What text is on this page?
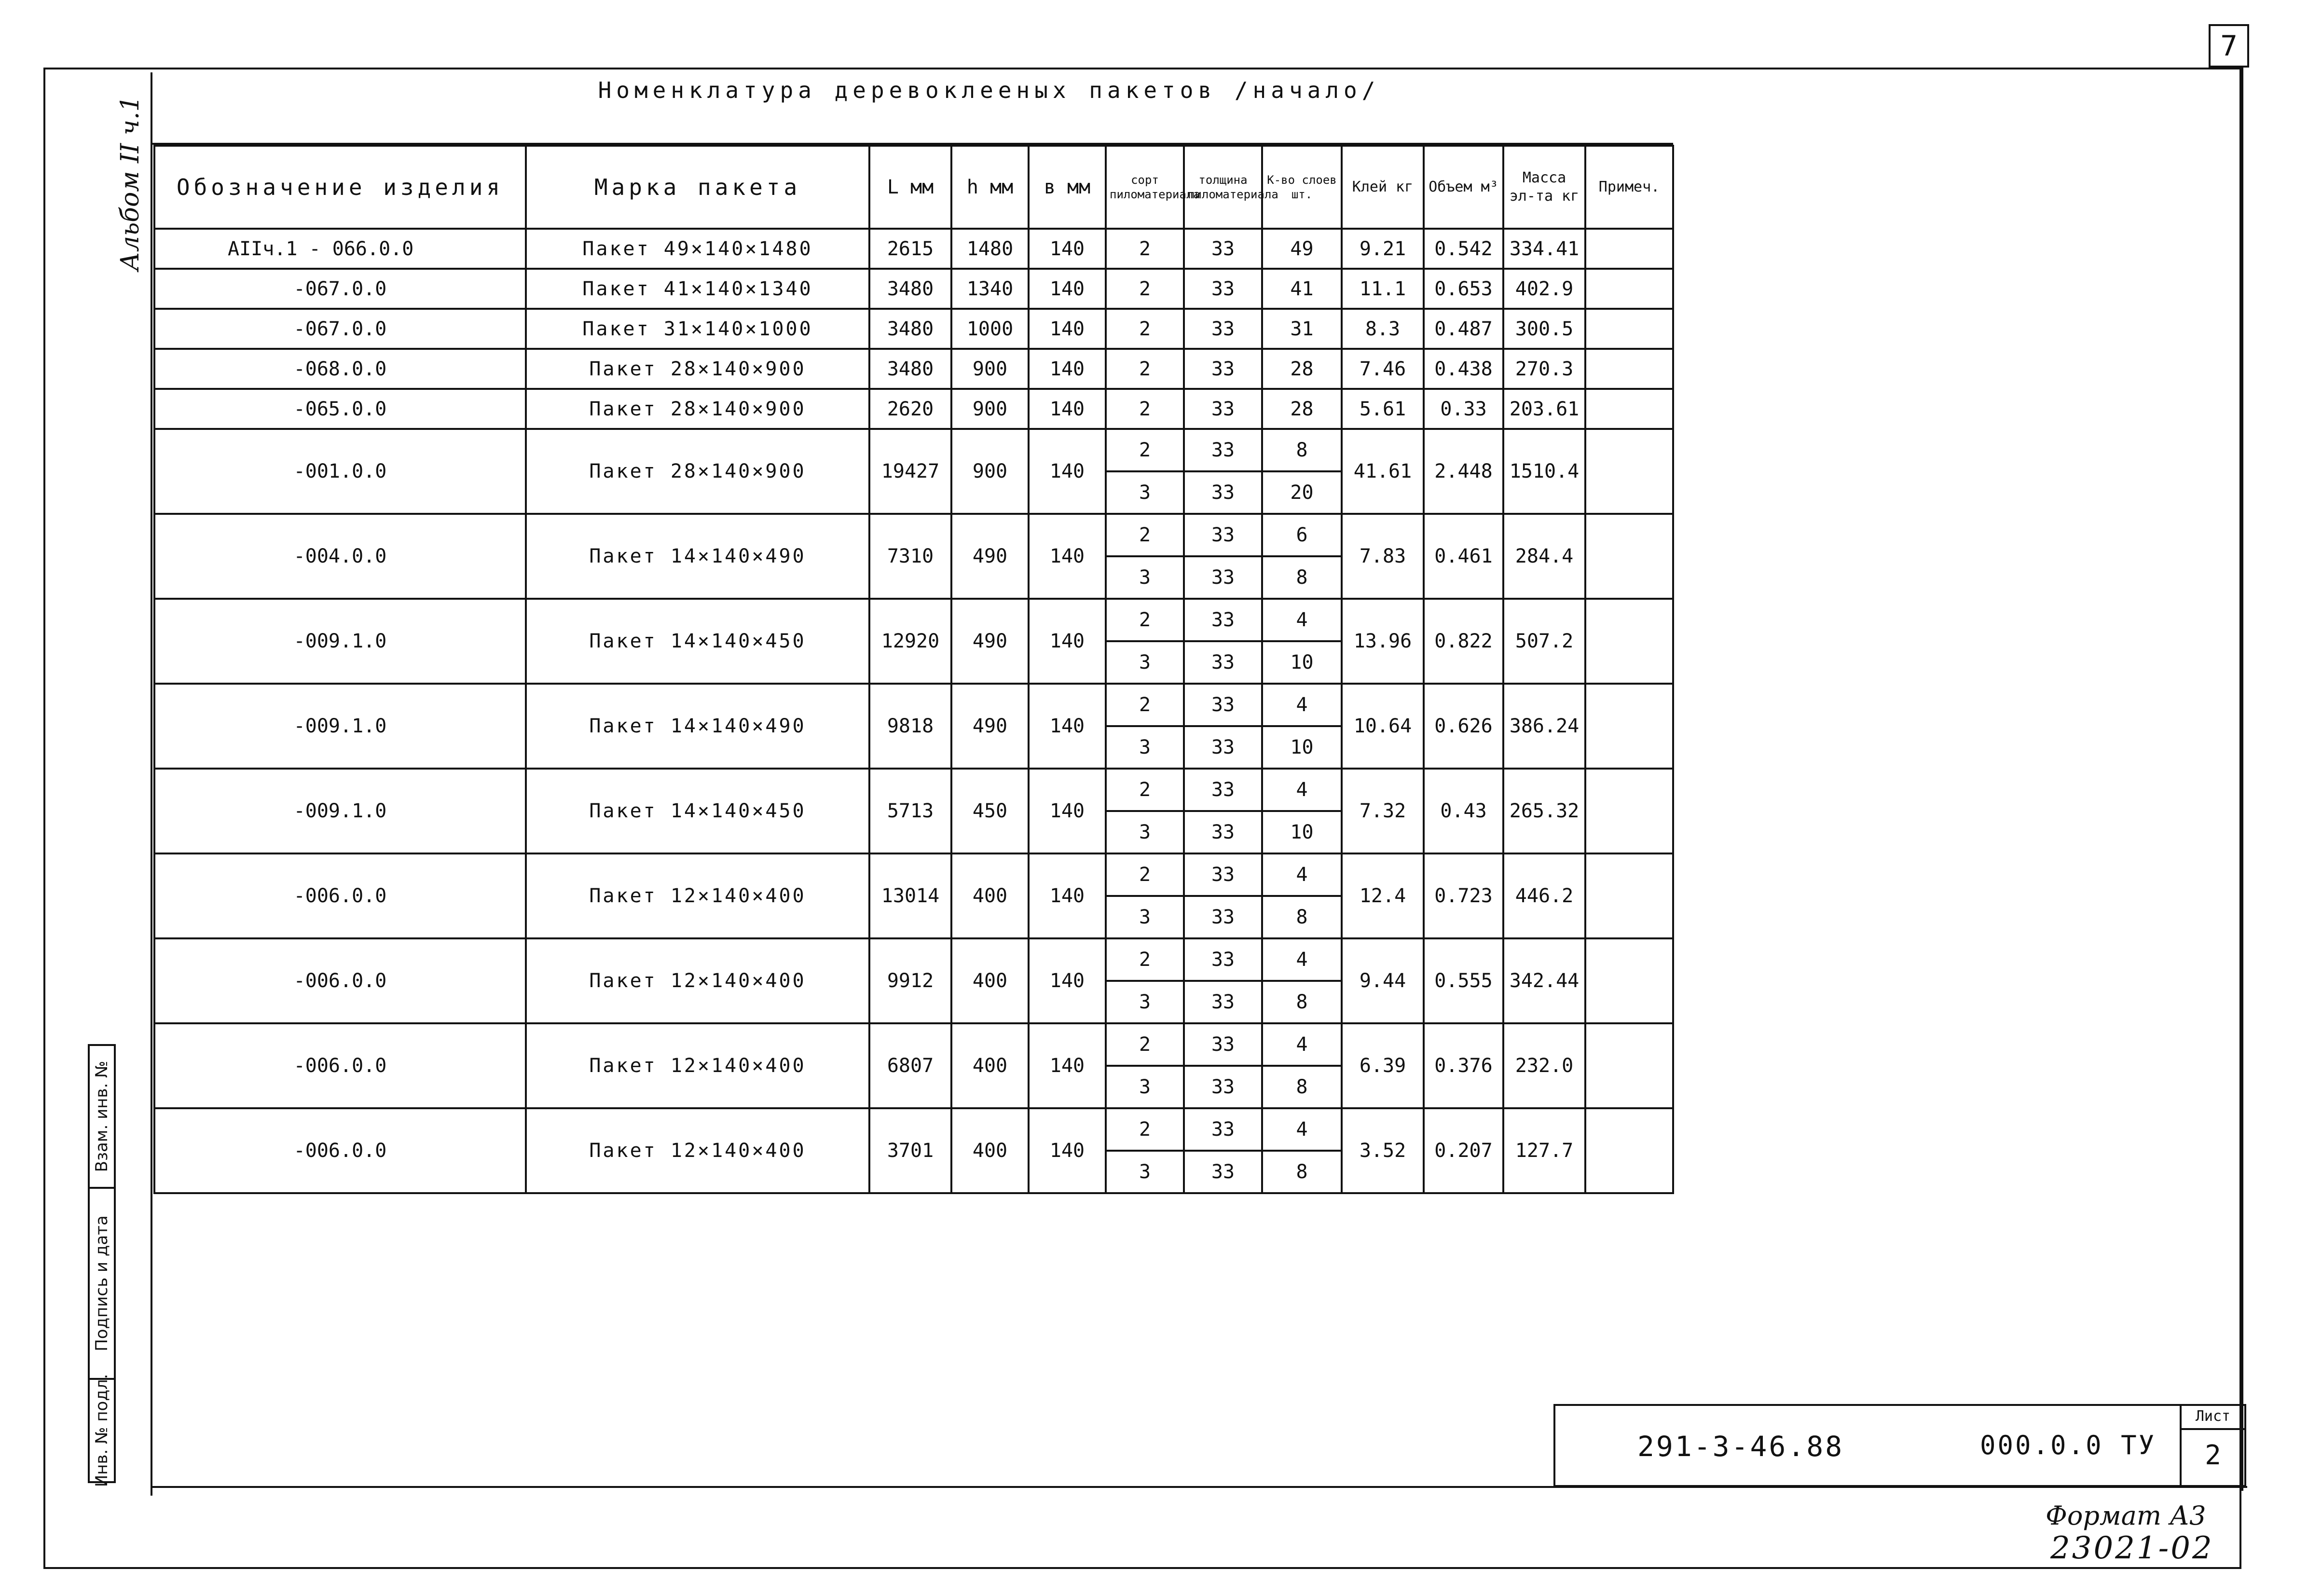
7
Альбом II ч.1
Номенклатура деревоклееных пакетов /начало/
Обозначение изделия	Марка пакета	L мм	h мм	в мм	сорт пиломатериала	толщина пиломатериала	К-во слоев шт.	Клей кг	Объем м³	Масса эл-та кг	Примеч.
АIIч.1 - 066.0.0	Пакет 49×140×1480	2615	1480	140	2	33	49	9.21	0.542	334.41	
-067.0.0	Пакет 41×140×1340	3480	1340	140	2	33	41	11.1	0.653	402.9	
-067.0.0	Пакет 31×140×1000	3480	1000	140	2	33	31	8.3	0.487	300.5	
-068.0.0	Пакет 28×140×900	3480	900	140	2	33	28	7.46	0.438	270.3	
-065.0.0	Пакет 28×140×900	2620	900	140	2	33	28	5.61	0.33	203.61	
-001.0.0	Пакет 28×140×900	19427	900	140	2	33	8	41.61	2.448	1510.4	
					3	33	20				
-004.0.0	Пакет 14×140×490	7310	490	140	2	33	6	7.83	0.461	284.4	
					3	33	8				
-009.1.0	Пакет 14×140×450	12920	490	140	2	33	4	13.96	0.822	507.2	
					3	33	10				
-009.1.0	Пакет 14×140×490	9818	490	140	2	33	4	10.64	0.626	386.24	
					3	33	10				
-009.1.0	Пакет 14×140×450	5713	450	140	2	33	4	7.32	0.43	265.32	
					3	33	10				
-006.0.0	Пакет 12×140×400	13014	400	140	2	33	4	12.4	0.723	446.2	
					3	33	8				
-006.0.0	Пакет 12×140×400	9912	400	140	2	33	4	9.44	0.555	342.44	
					3	33	8				
-006.0.0	Пакет 12×140×400	6807	400	140	2	33	4	6.39	0.376	232.0	
					3	33	8				
-006.0.0	Пакет 12×140×400	3701	400	140	2	33	4	3.52	0.207	127.7	
					3	33	8				
Взам. инв. №
Подпись и дата
Инв. № подл.	291-3-46.88	000.0.0 ТУ
Лист
2
Формат А3
23021-02
